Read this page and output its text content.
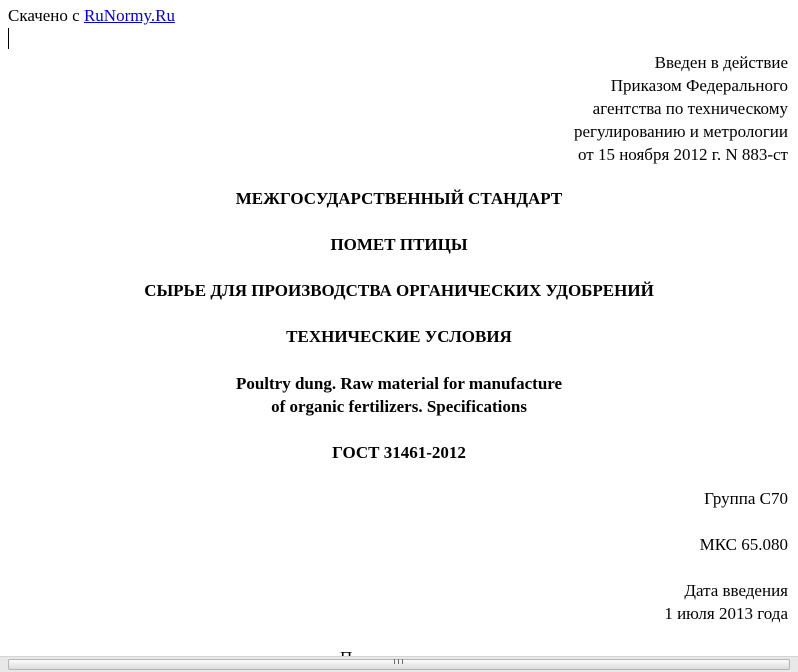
Скачено с RuNormy.Ru
Введен в действие
Приказом Федерального
агентства по техническому
регулированию и метрологии
от 15 ноября 2012 г. N 883-ст
МЕЖГОСУДАРСТВЕННЫЙ СТАНДАРТ
ПОМЕТ ПТИЦЫ
СЫРЬЕ ДЛЯ ПРОИЗВОДСТВА ОРГАНИЧЕСКИХ УДОБРЕНИЙ
ТЕХНИЧЕСКИЕ УСЛОВИЯ
Poultry dung. Raw material for manufacture
of organic fertilizers. Specifications
ГОСТ 31461-2012
Группа С70
МКС 65.080
Дата введения
1 июля 2013 года
